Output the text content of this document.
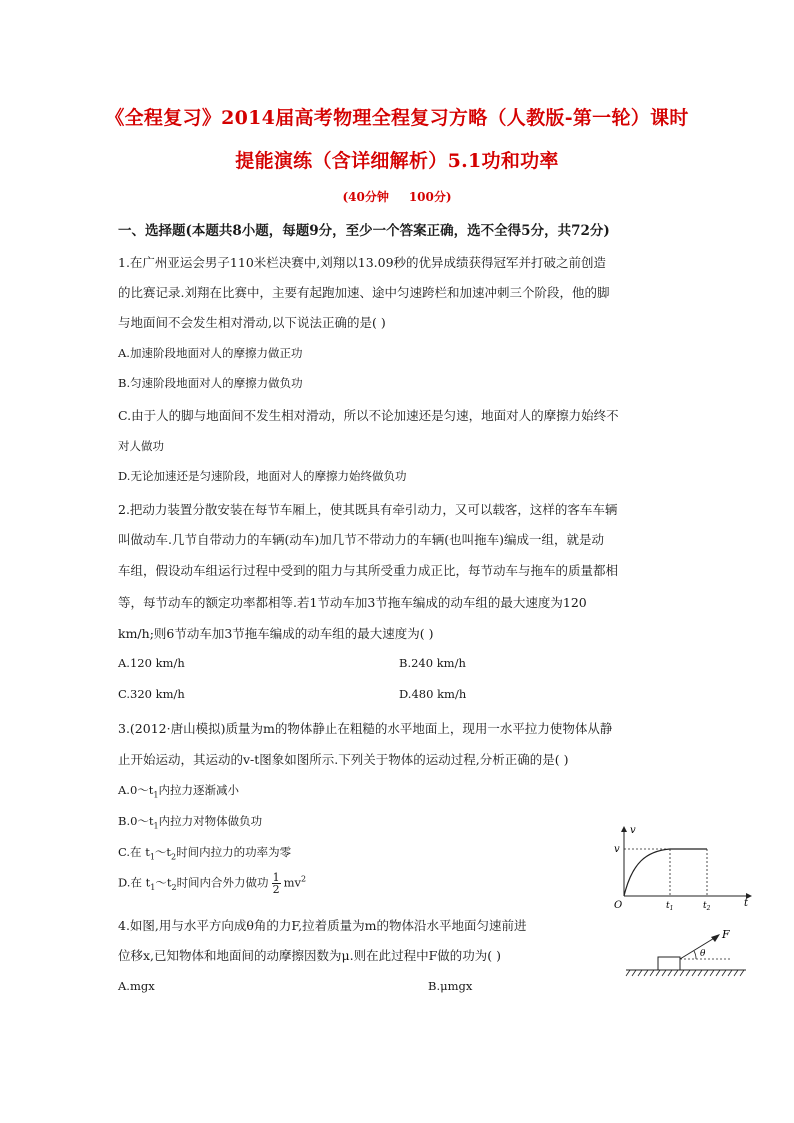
《全程复习》2014届高考物理全程复习方略（人教版-第一轮）课时
提能演练（含详细解析）5.1功和功率
(40分钟 100分)
一、选择题(本题共8小题，每题9分，至少一个答案正确，选不全得5分，共72分)
1.在广州亚运会男子110米栏决赛中,刘翔以13.09秒的优异成绩获得冠军并打破之前创造
的比赛记录.刘翔在比赛中，主要有起跑加速、途中匀速跨栏和加速冲刺三个阶段，他的脚
与地面间不会发生相对滑动,以下说法正确的是( )
A.加速阶段地面对人的摩擦力做正功
B.匀速阶段地面对人的摩擦力做负功
C.由于人的脚与地面间不发生相对滑动，所以不论加速还是匀速，地面对人的摩擦力始终不
对人做功
D.无论加速还是匀速阶段，地面对人的摩擦力始终做负功
2.把动力装置分散安装在每节车厢上，使其既具有牵引动力，又可以载客，这样的客车车辆
叫做动车.几节自带动力的车辆(动车)加几节不带动力的车辆(也叫拖车)编成一组，就是动
车组，假设动车组运行过程中受到的阻力与其所受重力成正比，每节动车与拖车的质量都相
等，每节动车的额定功率都相等.若1节动车加3节拖车编成的动车组的最大速度为120
km/h;则6节动车加3节拖车编成的动车组的最大速度为( )
A.120 km/h	B.240 km/h
C.320 km/h	D.480 km/h
3.(2012·唐山模拟)质量为m的物体静止在粗糙的水平地面上，现用一水平拉力使物体从静
止开始运动，其运动的v-t图象如图所示.下列关于物体的运动过程,分析正确的是( )
$A.0\sim t_1$内拉力逐渐减小
$B.0\sim t_1$内拉力对物体做负功
C.在 $t_1\sim t_2$时间内拉力的功率为零
D.在 $t_1\sim t_2$时间内合外力做功 $\frac{1}{2} mv^2$
v
v
O	t
$t_1$	$t_2$
4.如图,用与水平方向成θ角的力F,拉着质量为m的物体沿水平地面匀速前进
位移x,已知物体和地面间的动摩擦因数为μ.则在此过程中F做的功为( )
A.mgx	B.μmgx
F
θ
